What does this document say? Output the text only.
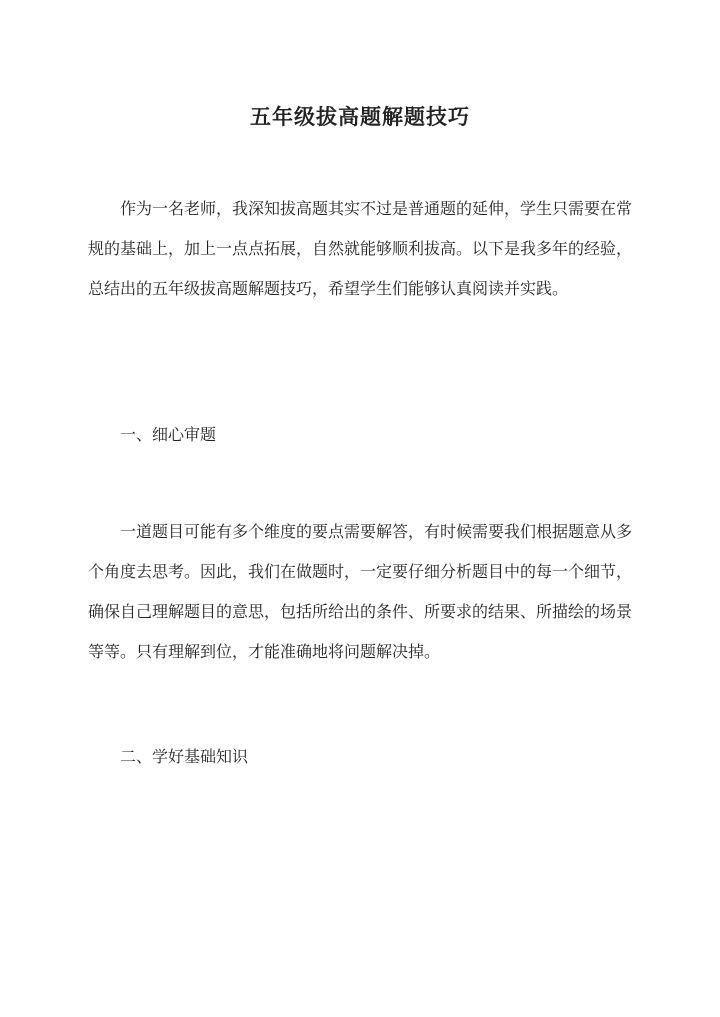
五年级拔高题解题技巧

作为一名老师，我深知拔高题其实不过是普通题的延伸，学生只需要在常规的基础上，加上一点点拓展，自然就能够顺利拔高。以下是我多年的经验，总结出的五年级拔高题解题技巧，希望学生们能够认真阅读并实践。

一、细心审题

一道题目可能有多个维度的要点需要解答，有时候需要我们根据题意从多个角度去思考。因此，我们在做题时，一定要仔细分析题目中的每一个细节，确保自己理解题目的意思，包括所给出的条件、所要求的结果、所描绘的场景等等。只有理解到位，才能准确地将问题解决掉。

二、学好基础知识
